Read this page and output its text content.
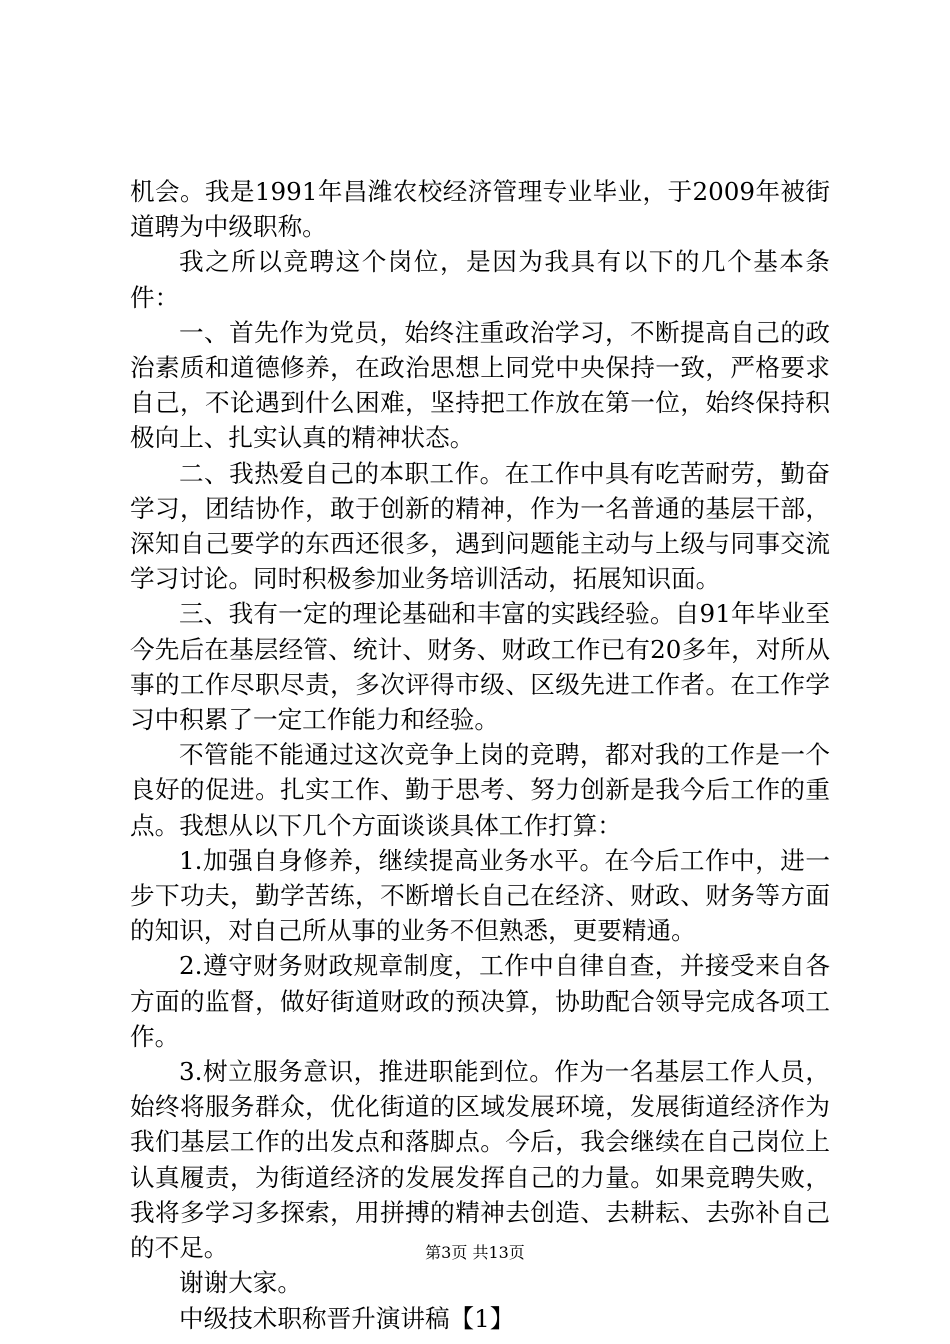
机会。我是1991年昌潍农校经济管理专业毕业，于2009年被街道聘为中级职称。

我之所以竞聘这个岗位，是因为我具有以下的几个基本条件：

一、首先作为党员，始终注重政治学习，不断提高自己的政治素质和道德修养，在政治思想上同党中央保持一致，严格要求自己，不论遇到什么困难，坚持把工作放在第一位，始终保持积极向上、扎实认真的精神状态。

二、我热爱自己的本职工作。在工作中具有吃苦耐劳，勤奋学习，团结协作，敢于创新的精神，作为一名普通的基层干部，深知自己要学的东西还很多，遇到问题能主动与上级与同事交流学习讨论。同时积极参加业务培训活动，拓展知识面。

三、我有一定的理论基础和丰富的实践经验。自91年毕业至今先后在基层经管、统计、财务、财政工作已有20多年，对所从事的工作尽职尽责，多次评得市级、区级先进工作者。在工作学习中积累了一定工作能力和经验。

不管能不能通过这次竞争上岗的竞聘，都对我的工作是一个良好的促进。扎实工作、勤于思考、努力创新是我今后工作的重点。我想从以下几个方面谈谈具体工作打算：

1.加强自身修养，继续提高业务水平。在今后工作中，进一步下功夫，勤学苦练，不断增长自己在经济、财政、财务等方面的知识，对自己所从事的业务不但熟悉，更要精通。

2.遵守财务财政规章制度，工作中自律自查，并接受来自各方面的监督，做好街道财政的预决算，协助配合领导完成各项工作。

3.树立服务意识，推进职能到位。作为一名基层工作人员，始终将服务群众，优化街道的区域发展环境，发展街道经济作为我们基层工作的出发点和落脚点。今后，我会继续在自己岗位上认真履责，为街道经济的发展发挥自己的力量。如果竞聘失败，我将多学习多探索，用拼搏的精神去创造、去耕耘、去弥补自己的不足。

谢谢大家。

中级技术职称晋升演讲稿【1】

第3页 共13页
